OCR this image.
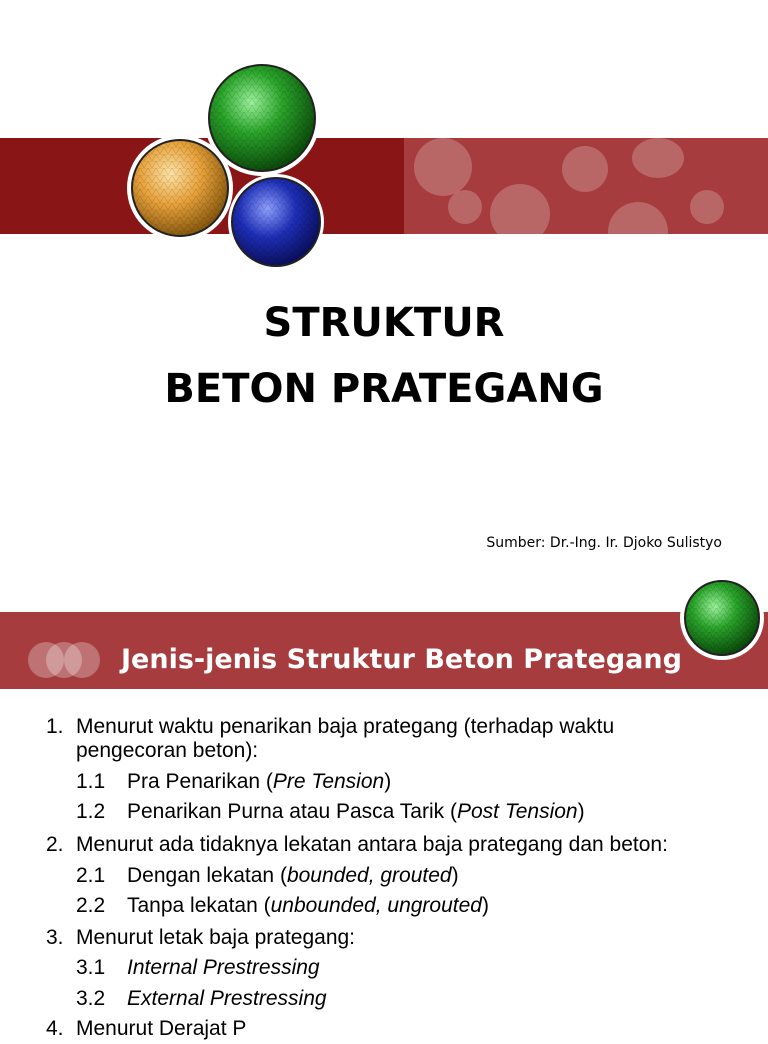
STRUKTUR
BETON PRATEGANG
Sumber: Dr.-Ing. Ir. Djoko Sulistyo
Jenis-jenis Struktur Beton Prategang
1. Menurut waktu penarikan baja prategang (terhadap waktu
pengecoran beton):
1.1 Pra Penarikan (Pre Tension)
1.2 Penarikan Purna atau Pasca Tarik (Post Tension)
2. Menurut ada tidaknya lekatan antara baja prategang dan beton:
2.1 Dengan lekatan (bounded, grouted)
2.2 Tanpa lekatan (unbounded, ungrouted)
3. Menurut letak baja prategang:
3.1 Internal Prestressing
3.2 External Prestressing
4. Menurut Derajat P
